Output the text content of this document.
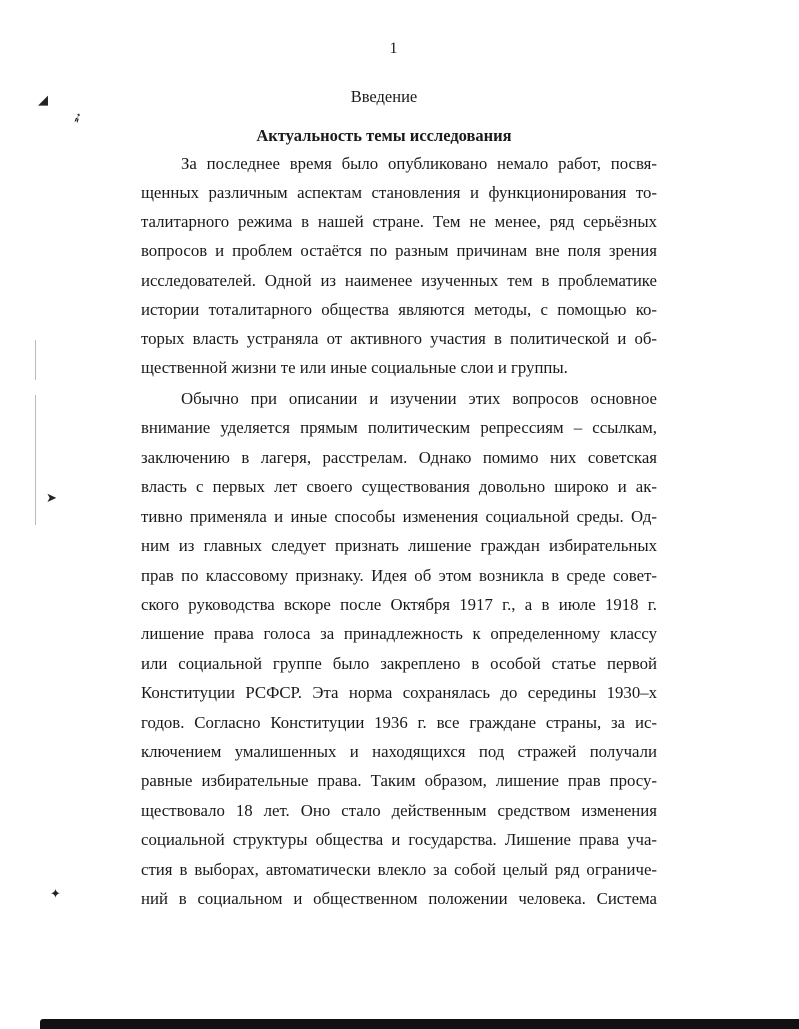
1
Введение
Актуальность темы исследования
За последнее время было опубликовано немало работ, посвя-
щенных различным аспектам становления и функционирования то-
талитарного режима в нашей стране. Тем не менее, ряд серьёзных
вопросов и проблем остаётся по разным причинам вне поля зрения
исследователей. Одной из наименее изученных тем в проблематике
истории тоталитарного общества являются методы, с помощью ко-
торых власть устраняла от активного участия в политической и об-
щественной жизни те или иные социальные слои и группы.
Обычно при описании и изучении этих вопросов основное
внимание уделяется прямым политическим репрессиям – ссылкам,
заключению в лагеря, расстрелам. Однако помимо них советская
власть с первых лет своего существования довольно широко и ак-
тивно применяла и иные способы изменения социальной среды. Од-
ним из главных следует признать лишение граждан избирательных
прав по классовому признаку. Идея об этом возникла в среде совет-
ского руководства вскоре после Октября 1917 г., а в июле 1918 г.
лишение права голоса за принадлежность к определенному классу
или социальной группе было закреплено в особой статье первой
Конституции РСФСР. Эта норма сохранялась до середины 1930–х
годов. Согласно Конституции 1936 г. все граждане страны, за ис-
ключением умалишенных и находящихся под стражей получали
равные избирательные права. Таким образом, лишение прав просу-
ществовало 18 лет. Оно стало действенным средством изменения
социальной структуры общества и государства. Лишение права уча-
стия в выборах, автоматически влекло за собой целый ряд ограниче-
ний в социальном и общественном положении человека. Система
◢
➶
➤
✦
